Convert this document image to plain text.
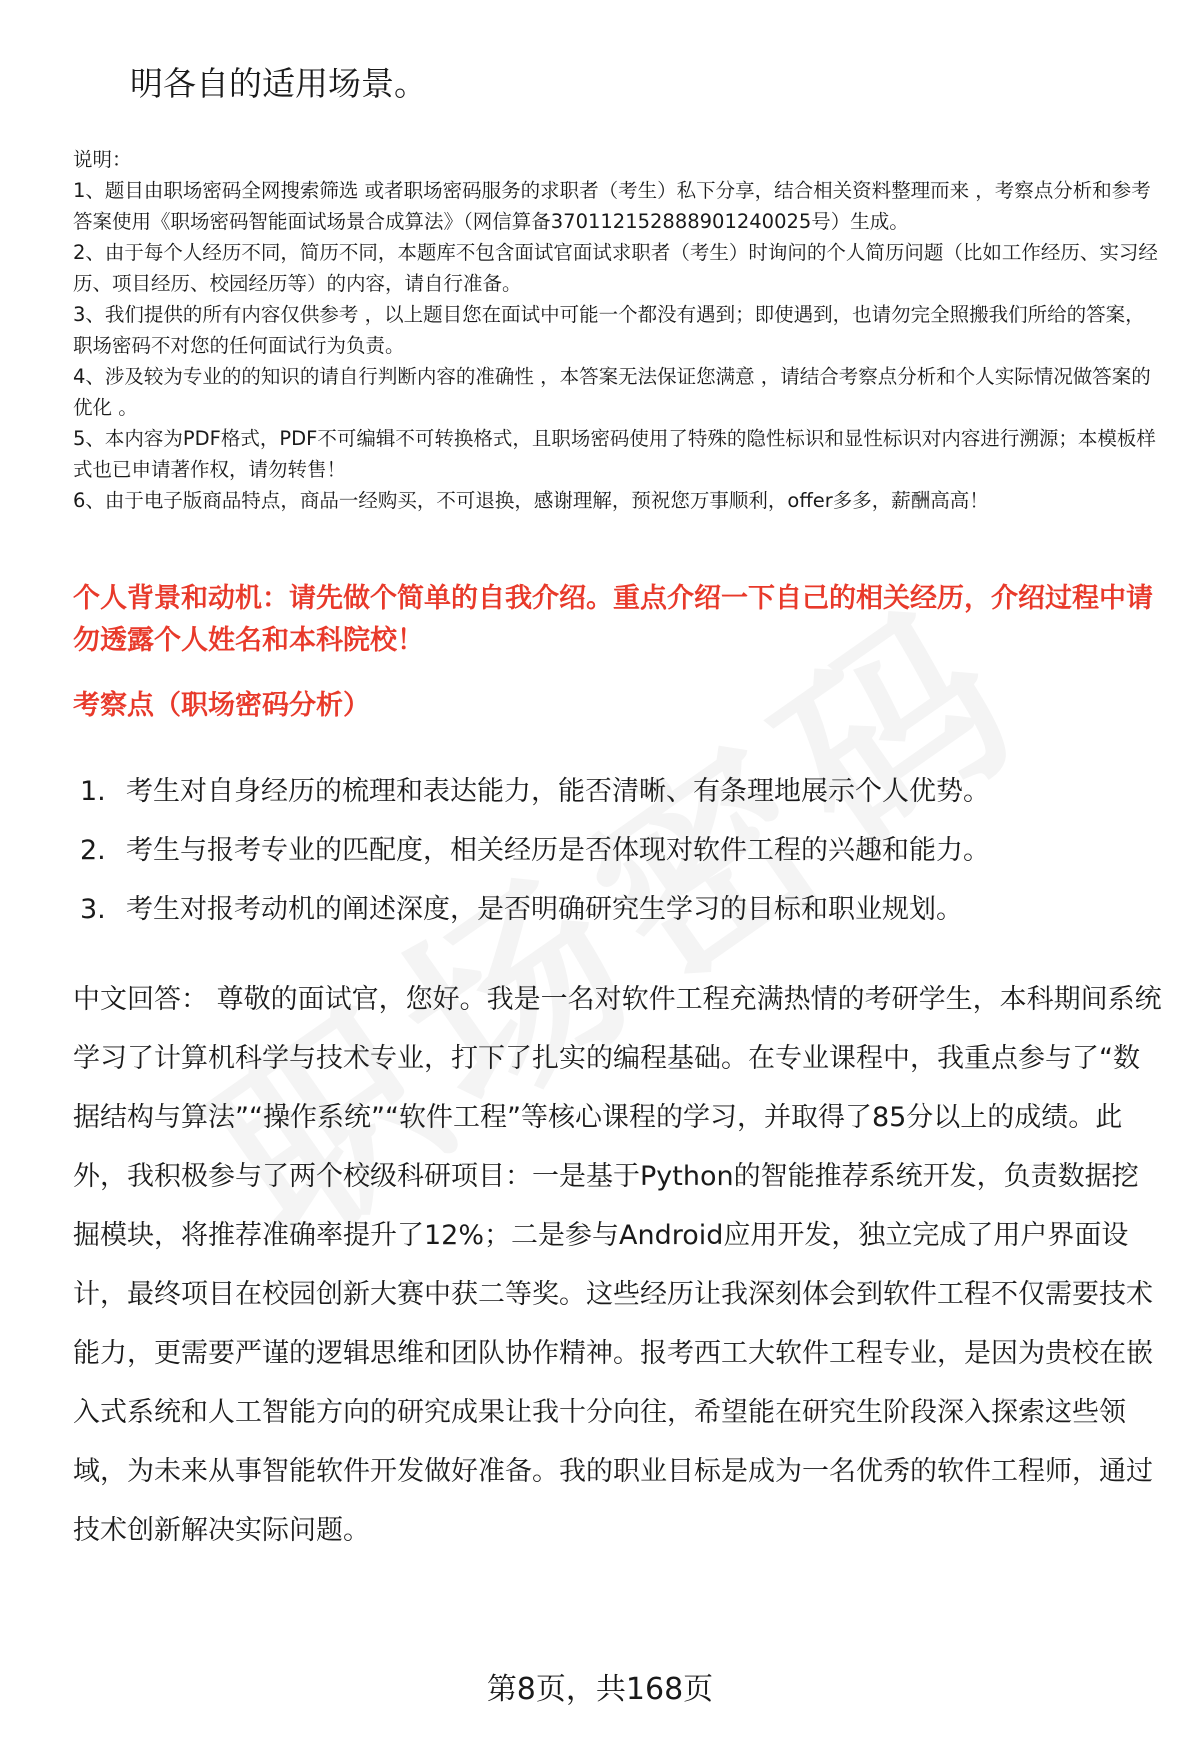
明各自的适用场景。

说明：

1、题目由职场密码全网搜索筛选 或者职场密码服务的求职者（考生）私下分享，结合相关资料整理而来 ，考察点分析和参考答案使用《职场密码智能面试场景合成算法》（网信算备370112152888901240025号）生成。

2、由于每个人经历不同，简历不同，本题库不包含面试官面试求职者（考生）时询问的个人简历问题（比如工作经历、实习经历、项目经历、校园经历等）的内容，请自行准备。

3、我们提供的所有内容仅供参考 ，以上题目您在面试中可能一个都没有遇到；即使遇到，也请勿完全照搬我们所给的答案，职场密码不对您的任何面试行为负责。

4、涉及较为专业的的知识的请自行判断内容的准确性 ，本答案无法保证您满意 ，请结合考察点分析和个人实际情况做答案的优化 。

5、本内容为PDF格式，PDF不可编辑不可转换格式，且职场密码使用了特殊的隐性标识和显性标识对内容进行溯源；本模板样式也已申请著作权，请勿转售！

6、由于电子版商品特点，商品一经购买，不可退换，感谢理解，预祝您万事顺利，offer多多，薪酬高高！

个人背景和动机：请先做个简单的自我介绍。重点介绍一下自己的相关经历，介绍过程中请勿透露个人姓名和本科院校！

考察点（职场密码分析）

1. 考生对自身经历的梳理和表达能力，能否清晰、有条理地展示个人优势。
2. 考生与报考专业的匹配度，相关经历是否体现对软件工程的兴趣和能力。
3. 考生对报考动机的阐述深度，是否明确研究生学习的目标和职业规划。

中文回答： 尊敬的面试官，您好。我是一名对软件工程充满热情的考研学生，本科期间系统学习了计算机科学与技术专业，打下了扎实的编程基础。在专业课程中，我重点参与了“数据结构与算法”“操作系统”“软件工程”等核心课程的学习，并取得了85分以上的成绩。此外，我积极参与了两个校级科研项目：一是基于Python的智能推荐系统开发，负责数据挖掘模块，将推荐准确率提升了12%；二是参与Android应用开发，独立完成了用户界面设计，最终项目在校园创新大赛中获二等奖。这些经历让我深刻体会到软件工程不仅需要技术能力，更需要严谨的逻辑思维和团队协作精神。报考西工大软件工程专业，是因为贵校在嵌入式系统和人工智能方向的研究成果让我十分向往，希望能在研究生阶段深入探索这些领域，为未来从事智能软件开发做好准备。我的职业目标是成为一名优秀的软件工程师，通过技术创新解决实际问题。

第8页，共168页
